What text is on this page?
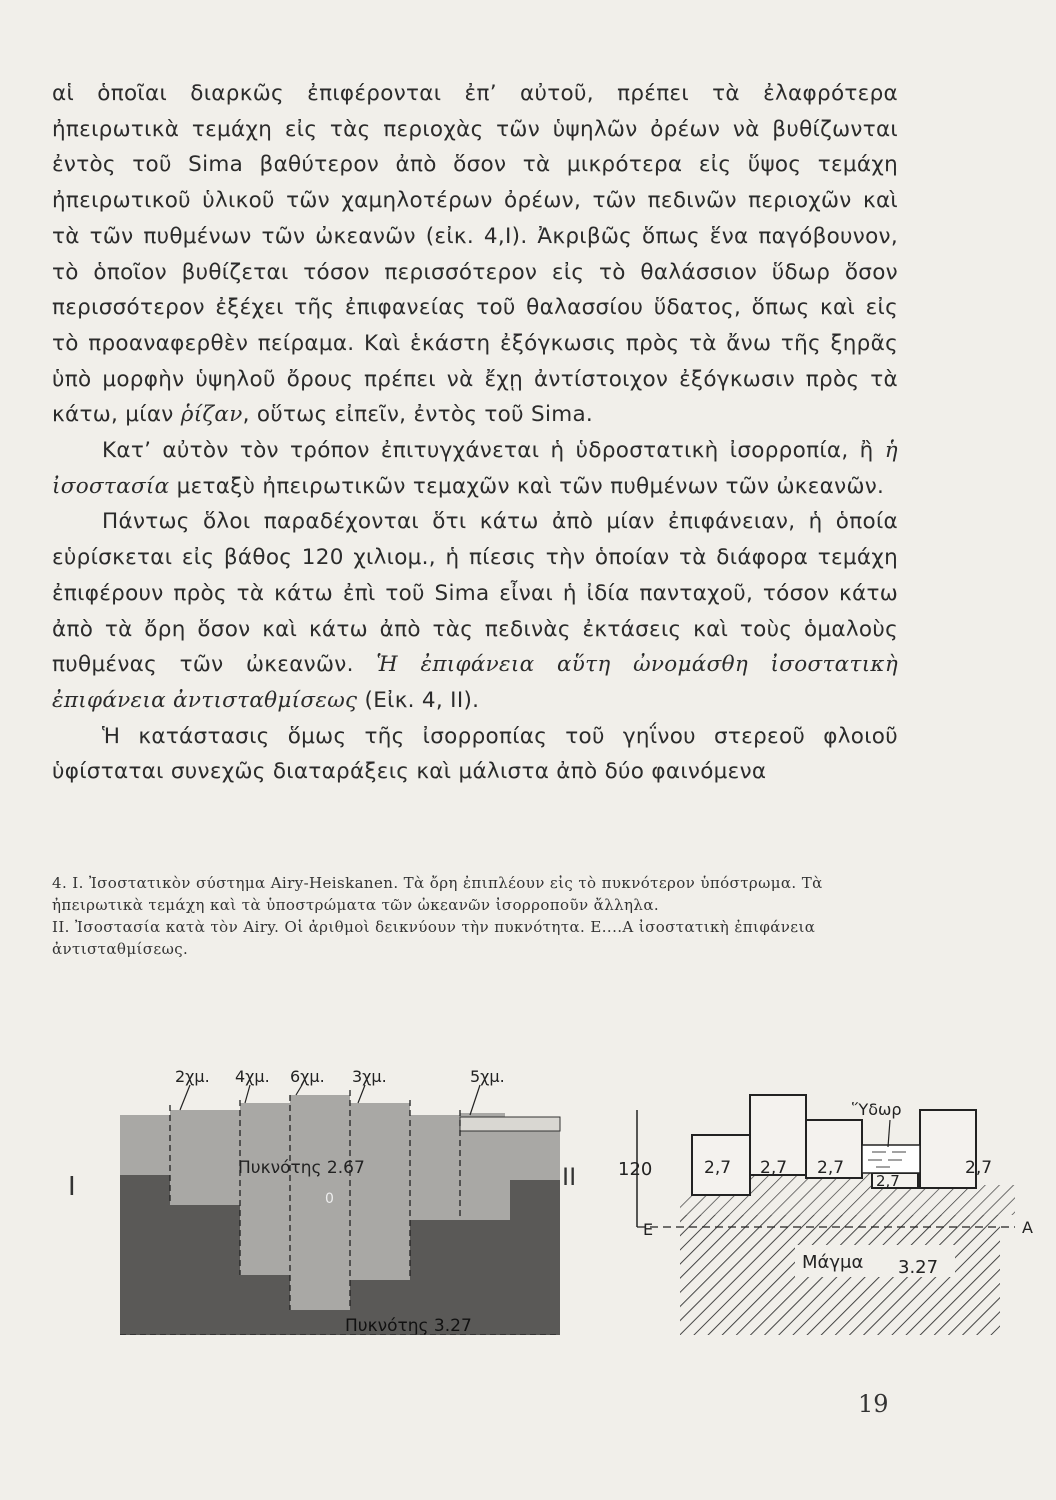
αἱ ὁποῖαι διαρκῶς ἐπιφέρονται ἐπ’ αὐτοῦ, πρέπει τὰ ἐλαφρότερα ἠπειρωτικὰ τεμάχη εἰς τὰς περιοχὰς τῶν ὑψηλῶν ὀρέων νὰ βυθίζωνται ἐντὸς τοῦ Sima βαθύτερον ἀπὸ ὅσον τὰ μικρότερα εἰς ὕψος τεμάχη ἠπειρωτικοῦ ὑλικοῦ τῶν χαμηλοτέρων ὀρέων, τῶν πεδινῶν περιοχῶν καὶ τὰ τῶν πυθμένων τῶν ὠκεανῶν (εἰκ. 4,I). Ἀκριβῶς ὅπως ἕνα παγόβουνον, τὸ ὁποῖον βυθίζεται τόσον περισσότερον εἰς τὸ θαλάσσιον ὕδωρ ὅσον περισσότερον ἐξέχει τῆς ἐπιφανείας τοῦ θαλασσίου ὕδατος, ὅπως καὶ εἰς τὸ προαναφερθὲν πείραμα. Καὶ ἑκάστη ἐξόγκωσις πρὸς τὰ ἄνω τῆς ξηρᾶς ὑπὸ μορφὴν ὑψηλοῦ ὄρους πρέπει νὰ ἔχῃ ἀντίστοιχον ἐξόγκωσιν πρὸς τὰ κάτω, μίαν ῥίζαν, οὕτως εἰπεῖν, ἐντὸς τοῦ Sima.

Κατ’ αὐτὸν τὸν τρόπον ἐπιτυγχάνεται ἡ ὑδροστατικὴ ἰσορροπία, ἢ ἡ ἰσοστασία μεταξὺ ἠπειρωτικῶν τεμαχῶν καὶ τῶν πυθμένων τῶν ὠκεανῶν.

Πάντως ὅλοι παραδέχονται ὅτι κάτω ἀπὸ μίαν ἐπιφάνειαν, ἡ ὁποία εὑρίσκεται εἰς βάθος 120 χιλιομ., ἡ πίεσις τὴν ὁποίαν τὰ διάφορα τεμάχη ἐπιφέρουν πρὸς τὰ κάτω ἐπὶ τοῦ Sima εἶναι ἡ ἰδία πανταχοῦ, τόσον κάτω ἀπὸ τὰ ὄρη ὅσον καὶ κάτω ἀπὸ τὰς πεδινὰς ἐκτάσεις καὶ τοὺς ὁμαλοὺς πυθμένας τῶν ὠκεανῶν. Ἡ ἐπιφάνεια αὕτη ὠνομάσθη ἰσοστατικὴ ἐπιφάνεια ἀντισταθμίσεως (Εἰκ. 4, II).

Ἡ κατάστασις ὅμως τῆς ἰσορροπίας τοῦ γηΐνου στερεοῦ φλοιοῦ ὑφίσταται συνεχῶς διαταράξεις καὶ μάλιστα ἀπὸ δύο φαινόμενα

4. I. Ἰσοστατικὸν σύστημα Airy-Heiskanen. Τὰ ὄρη ἐπιπλέουν εἰς τὸ πυκνότερον ὑπόστρωμα. Τὰ ἠπειρωτικὰ τεμάχη καὶ τὰ ὑποστρώματα τῶν ὠκεανῶν ἰσορροποῦν ἄλληλα.

II. Ἰσοστασία κατὰ τὸν Airy. Οἱ ἀριθμοὶ δεικνύουν τὴν πυκνότητα. E....A ἰσοστατικὴ ἐπιφάνεια ἀντισταθμίσεως.

I
2χμ. 4χμ. 6χμ. 3χμ.	5χμ.
Πυκνότης 2.67
0
Πυκνότης 3.27
II 120
E	A
Ὕδωρ
2,7 2,7 2,7
2,7
2,7
Μάγμα 3.27
19
